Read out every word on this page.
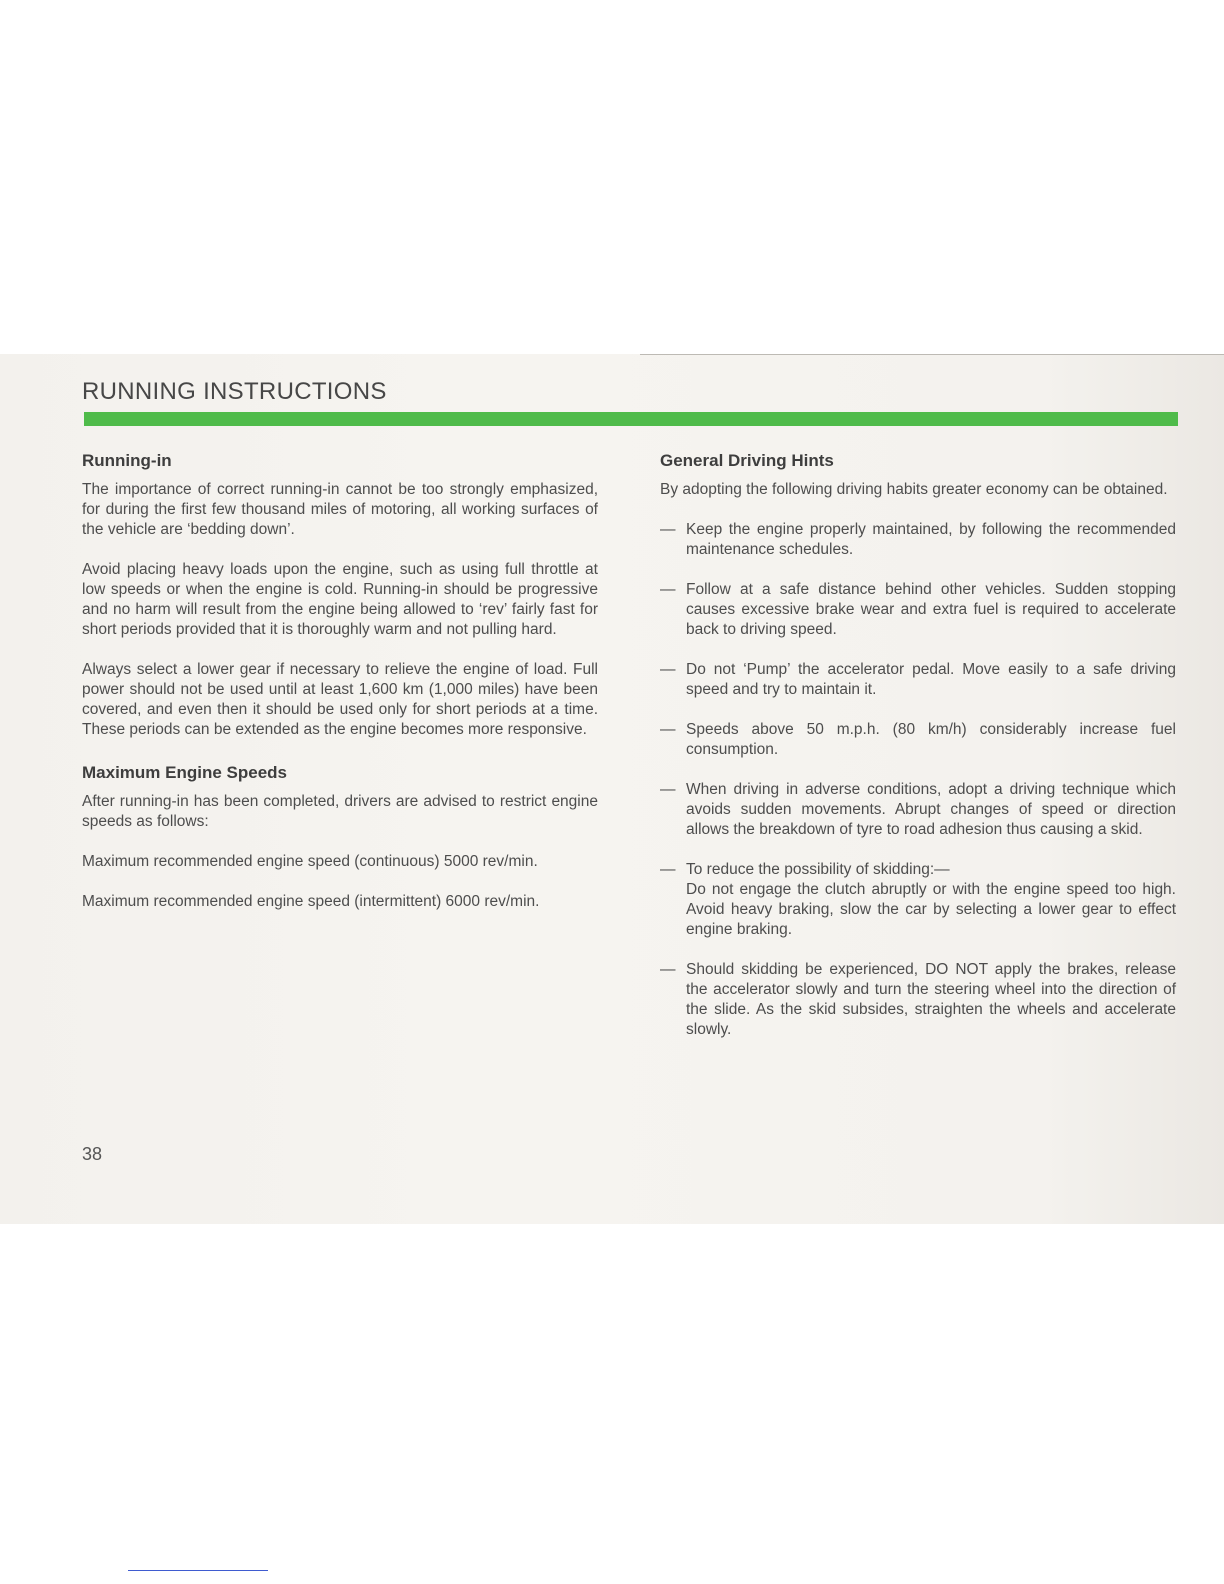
RUNNING INSTRUCTIONS
Running-in

The importance of correct running-in cannot be too strongly emphasized, for during the first few thousand miles of motoring, all working surfaces of the vehicle are ‘bedding down’.

Avoid placing heavy loads upon the engine, such as using full throttle at low speeds or when the engine is cold. Running-in should be progressive and no harm will result from the engine being allowed to ‘rev’ fairly fast for short periods provided that it is thoroughly warm and not pulling hard.

Always select a lower gear if necessary to relieve the engine of load. Full power should not be used until at least 1,600 km (1,000 miles) have been covered, and even then it should be used only for short periods at a time. These periods can be extended as the engine becomes more responsive.

Maximum Engine Speeds

After running-in has been completed, drivers are advised to restrict engine speeds as follows:

Maximum recommended engine speed (continuous) 5000 rev/min.

Maximum recommended engine speed (intermittent) 6000 rev/min.

General Driving Hints

By adopting the following driving habits greater economy can be obtained.

— Keep the engine properly maintained, by following the recommended maintenance schedules.
— Follow at a safe distance behind other vehicles. Sudden stopping causes excessive brake wear and extra fuel is required to accelerate back to driving speed.
— Do not ‘Pump’ the accelerator pedal. Move easily to a safe driving speed and try to maintain it.
— Speeds above 50 m.p.h. (80 km/h) considerably increase fuel consumption.
— When driving in adverse conditions, adopt a driving technique which avoids sudden movements. Abrupt changes of speed or direction allows the breakdown of tyre to road adhesion thus causing a skid.
— To reduce the possibility of skidding:—
Do not engage the clutch abruptly or with the engine speed too high. Avoid heavy braking, slow the car by selecting a lower gear to effect engine braking.
— Should skidding be experienced, DO NOT apply the brakes, release the accelerator slowly and turn the steering wheel into the direction of the slide. As the skid subsides, straighten the wheels and accelerate slowly.
38
